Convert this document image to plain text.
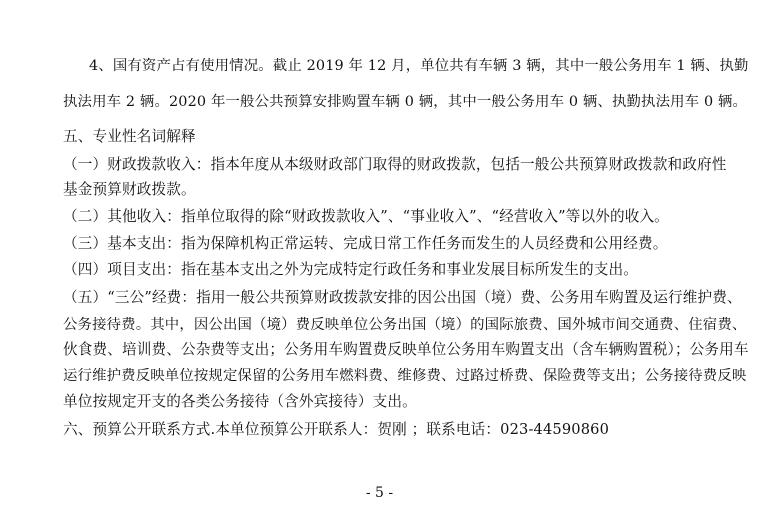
4、国有资产占有使用情况。截止 2019 年 12 月，单位共有车辆 3 辆，其中一般公务用车 1 辆、执勤
执法用车 2 辆。2020 年一般公共预算安排购置车辆 0 辆，其中一般公务用车 0 辆、执勤执法用车 0 辆。
五、专业性名词解释
（一）财政拨款收入：指本年度从本级财政部门取得的财政拨款，包括一般公共预算财政拨款和政府性
基金预算财政拨款。
（二）其他收入：指单位取得的除“财政拨款收入”、“事业收入”、“经营收入”等以外的收入。
（三）基本支出：指为保障机构正常运转、完成日常工作任务而发生的人员经费和公用经费。
（四）项目支出：指在基本支出之外为完成特定行政任务和事业发展目标所发生的支出。
（五）“三公”经费：指用一般公共预算财政拨款安排的因公出国（境）费、公务用车购置及运行维护费、
公务接待费。其中，因公出国（境）费反映单位公务出国（境）的国际旅费、国外城市间交通费、住宿费、
伙食费、培训费、公杂费等支出；公务用车购置费反映单位公务用车购置支出（含车辆购置税）；公务用车
运行维护费反映单位按规定保留的公务用车燃料费、维修费、过路过桥费、保险费等支出；公务接待费反映
单位按规定开支的各类公务接待（含外宾接待）支出。
六、预算公开联系方式.本单位预算公开联系人：贺刚 ；联系电话：023-44590860
- 5 -
